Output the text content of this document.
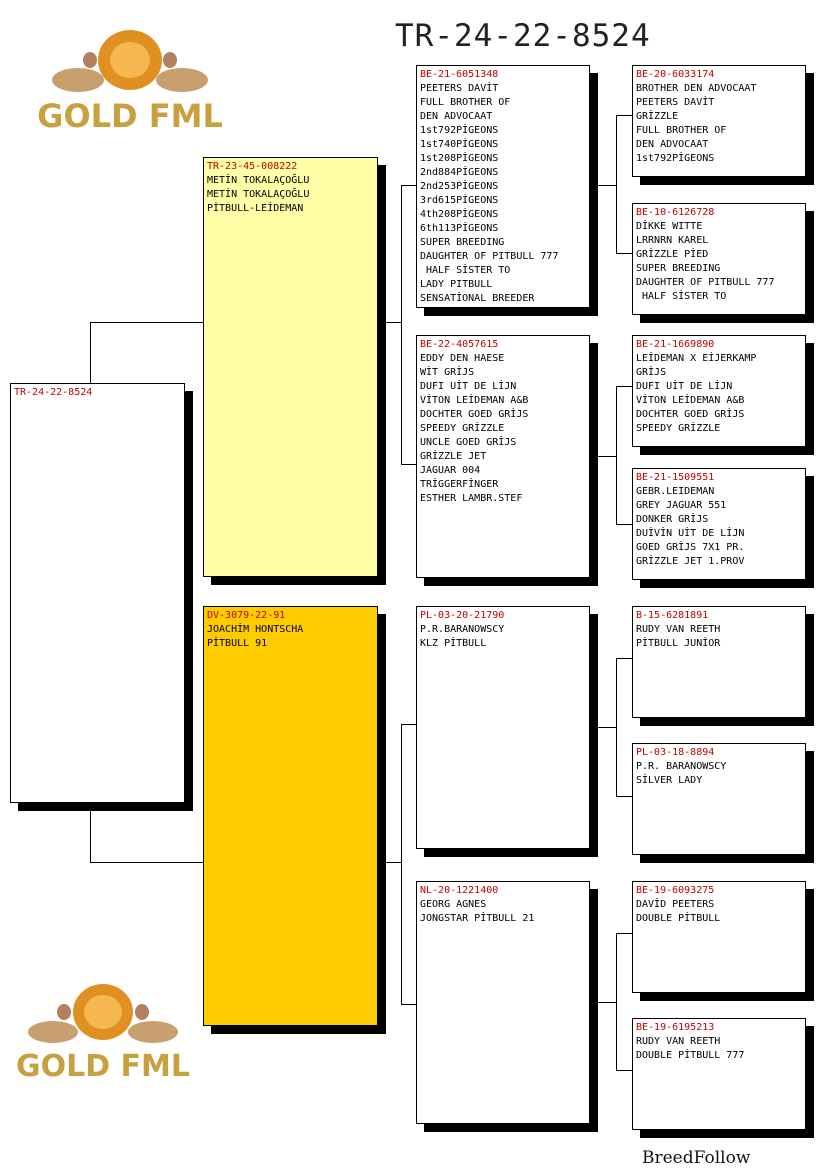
TR-24-22-8524
GOLD FML
GOLD FML
TR-24-22-8524
TR-23-45-008222
METİN TOKALAÇOĞLU
METİN TOKALAÇOĞLU
PİTBULL-LEİDEMAN
DV-3079-22-91
JOACHİM HONTSCHA
PİTBULL 91
BE-21-6051348
PEETERS DAVİT
FULL BROTHER OF
DEN ADVOCAAT
1st792PİGEONS
1st740PİGEONS
1st208PİGEONS
2nd884PİGEONS
2nd253PİGEONS
3rd615PİGEONS
4th208PİGEONS
6th113PİGEONS
SUPER BREEDING
DAUGHTER OF PITBULL 777
HALF SİSTER TO
LADY PITBULL
SENSATİONAL BREEDER
BE-22-4057615
EDDY DEN HAESE
WİT GRİJS
DUFI UİT DE LİJN
VİTON LEİDEMAN A&B
DOCHTER GOED GRİJS
SPEEDY GRİZZLE
UNCLE GOED GRİJS
GRİZZLE JET
JAGUAR 004
TRİGGERFİNGER
ESTHER LAMBR.STEF
PL-03-20-21790
P.R.BARANOWSCY
KLZ PİTBULL
NL-20-1221400
GEORG AGNES
JONGSTAR PİTBULL 21
BE-20-6033174
BROTHER DEN ADVOCAAT
PEETERS DAVİT
GRİZZLE
FULL BROTHER OF
DEN ADVOCAAT
1st792PİGEONS
BE-10-6126728
DİKKE WITTE
LRRNRN KAREL
GRİZZLE PİED
SUPER BREEDING
DAUGHTER OF PITBULL 777
HALF SİSTER TO
BE-21-1669890
LEİDEMAN X EİJERKAMP
GRİJS
DUFI UİT DE LİJN
VİTON LEİDEMAN A&B
DOCHTER GOED GRİJS
SPEEDY GRİZZLE
BE-21-1509551
GEBR.LEIDEMAN
GREY JAGUAR 551
DONKER GRİJS
DUİVİN UİT DE LİJN
GOED GRİJS 7X1 PR.
GRİZZLE JET 1.PROV
B-15-6281891
RUDY VAN REETH
PİTBULL JUNİOR
PL-03-18-8894
P.R. BARANOWSCY
SİLVER LADY
BE-19-6093275
DAVİD PEETERS
DOUBLE PİTBULL
BE-19-6195213
RUDY VAN REETH
DOUBLE PİTBULL 777
BreedFollow
